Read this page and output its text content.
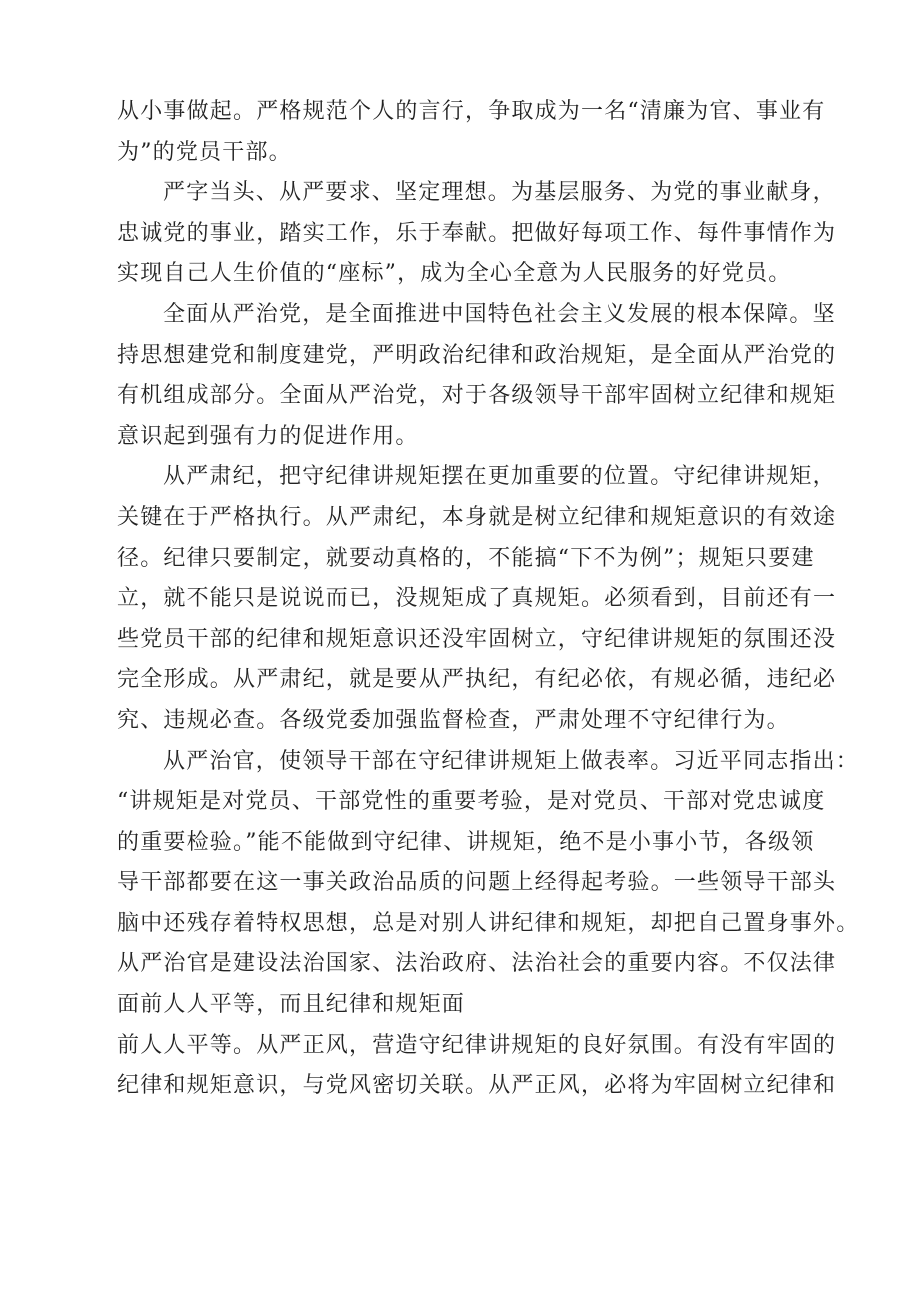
从小事做起。严格规范个人的言行，争取成为一名“清廉为官、事业有

为”的党员干部。

严字当头、从严要求、坚定理想。为基层服务、为党的事业献身，

忠诚党的事业，踏实工作，乐于奉献。把做好每项工作、每件事情作为

实现自己人生价值的“座标”，成为全心全意为人民服务的好党员。

全面从严治党，是全面推进中国特色社会主义发展的根本保障。坚

持思想建党和制度建党，严明政治纪律和政治规矩，是全面从严治党的

有机组成部分。全面从严治党，对于各级领导干部牢固树立纪律和规矩

意识起到强有力的促进作用。

从严肃纪，把守纪律讲规矩摆在更加重要的位置。守纪律讲规矩，

关键在于严格执行。从严肃纪，本身就是树立纪律和规矩意识的有效途

径。纪律只要制定，就要动真格的，不能搞“下不为例”；规矩只要建

立，就不能只是说说而已，没规矩成了真规矩。必须看到，目前还有一

些党员干部的纪律和规矩意识还没牢固树立，守纪律讲规矩的氛围还没

完全形成。从严肃纪，就是要从严执纪，有纪必依，有规必循，违纪必

究、违规必查。各级党委加强监督检查，严肃处理不守纪律行为。

从严治官，使领导干部在守纪律讲规矩上做表率。习近平同志指出：

“讲规矩是对党员、干部党性的重要考验，是对党员、干部对党忠诚度

的重要检验。”能不能做到守纪律、讲规矩，绝不是小事小节，各级领

导干部都要在这一事关政治品质的问题上经得起考验。一些领导干部头

脑中还残存着特权思想，总是对别人讲纪律和规矩，却把自己置身事外。

从严治官是建设法治国家、法治政府、法治社会的重要内容。不仅法律

面前人人平等，而且纪律和规矩面

前人人平等。从严正风，营造守纪律讲规矩的良好氛围。有没有牢固的

纪律和规矩意识，与党风密切关联。从严正风，必将为牢固树立纪律和
